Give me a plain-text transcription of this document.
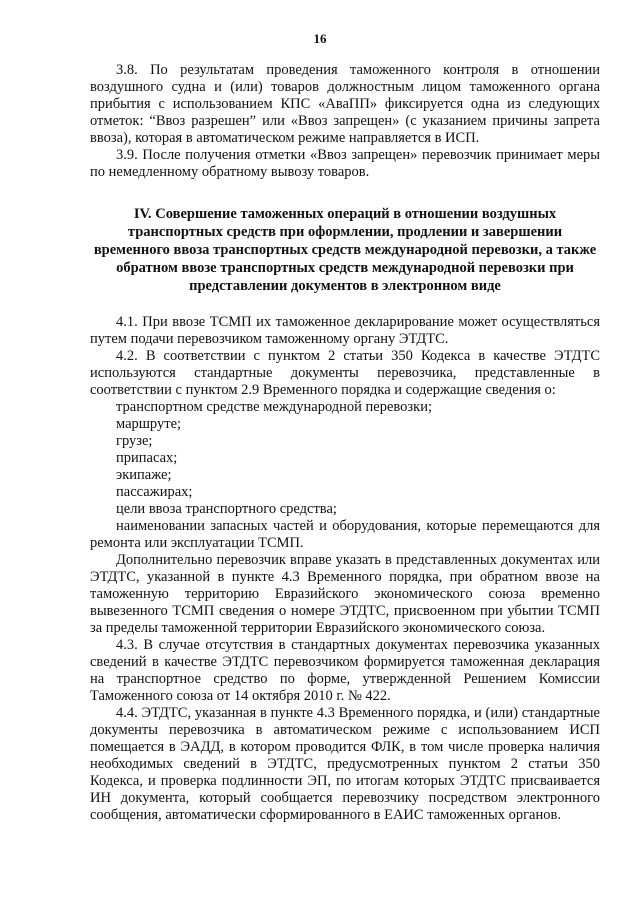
16

3.8. По результатам проведения таможенного контроля в отношении воздушного судна и (или) товаров должностным лицом таможенного органа прибытия с использованием КПС «АваПП» фиксируется одна из следующих отметок: “Ввоз разрешен” или «Ввоз запрещен» (с указанием причины запрета ввоза), которая в автоматическом режиме направляется в ИСП.

3.9. После получения отметки «Ввоз запрещен» перевозчик принимает меры по немедленному обратному вывозу товаров.

IV. Совершение таможенных операций в отношении воздушных транспортных средств при оформлении, продлении и завершении временного ввоза транспортных средств международной перевозки, а также обратном ввозе транспортных средств международной перевозки при представлении документов в электронном виде

4.1. При ввозе ТСМП их таможенное декларирование может осуществляться путем подачи перевозчиком таможенному органу ЭТДТС.

4.2. В соответствии с пунктом 2 статьи 350 Кодекса в качестве ЭТДТС используются стандартные документы перевозчика, представленные в соответствии с пунктом 2.9 Временного порядка и содержащие сведения о:

транспортном средстве международной перевозки;

маршруте;

грузе;

припасах;

экипаже;

пассажирах;

цели ввоза транспортного средства;

наименовании запасных частей и оборудования, которые перемещаются для ремонта или эксплуатации ТСМП.

Дополнительно перевозчик вправе указать в представленных документах или ЭТДТС, указанной в пункте 4.3 Временного порядка, при обратном ввозе на таможенную территорию Евразийского экономического союза временно вывезенного ТСМП сведения о номере ЭТДТС, присвоенном при убытии ТСМП за пределы таможенной территории Евразийского экономического союза.

4.3. В случае отсутствия в стандартных документах перевозчика указанных сведений в качестве ЭТДТС перевозчиком формируется таможенная декларация на транспортное средство по форме, утвержденной Решением Комиссии Таможенного союза от 14 октября 2010 г. № 422.

4.4. ЭТДТС, указанная в пункте 4.3 Временного порядка, и (или) стандартные документы перевозчика в автоматическом режиме с использованием ИСП помещается в ЭАДД, в котором проводится ФЛК, в том числе проверка наличия необходимых сведений в ЭТДТС, предусмотренных пунктом 2 статьи 350 Кодекса, и проверка подлинности ЭП, по итогам которых ЭТДТС присваивается ИН документа, который сообщается перевозчику посредством электронного сообщения, автоматически сформированного в ЕАИС таможенных органов.
